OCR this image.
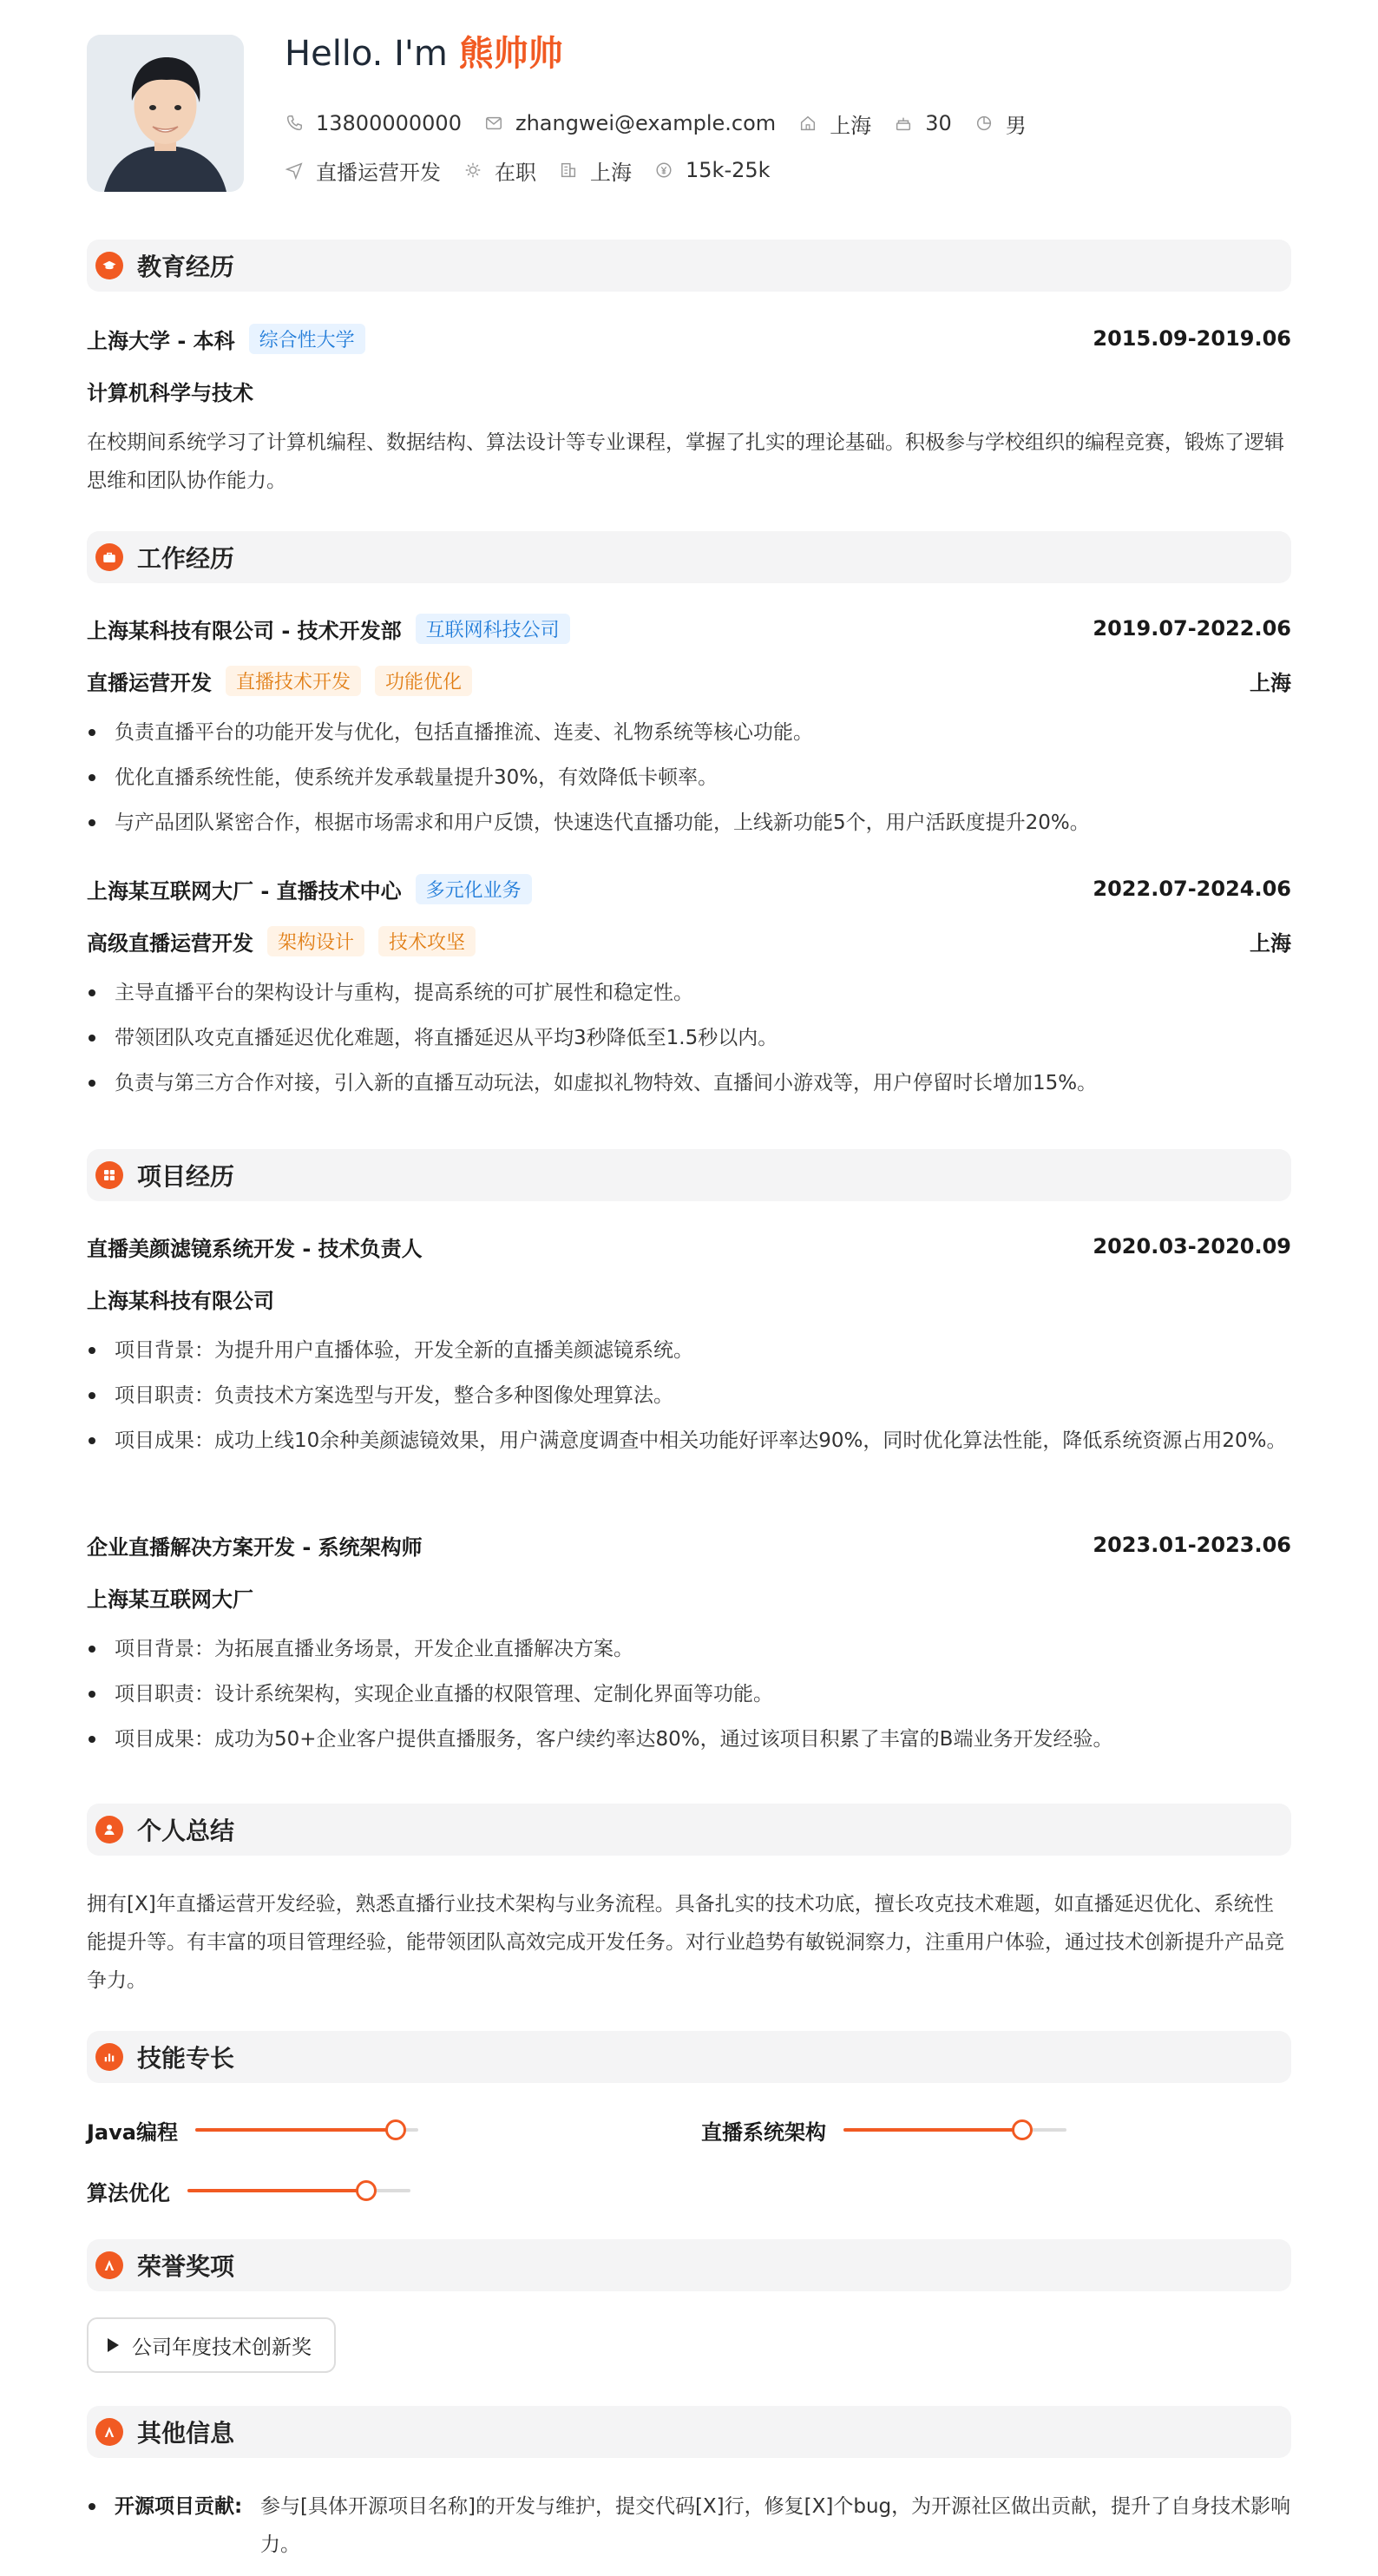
Hello. I'm 熊帅帅
13800000000	zhangwei@example.com	上海	30	男
直播运营开发	在职	上海	15k-25k
教育经历
上海大学 - 本科	综合性大学	2015.09-2019.06
计算机科学与技术
在校期间系统学习了计算机编程、数据结构、算法设计等专业课程，掌握了扎实的理论基础。积极参与学校组织的编程竞赛，锻炼了逻辑思维和团队协作能力。
工作经历
上海某科技有限公司 - 技术开发部	互联网科技公司	2019.07-2022.06
直播运营开发	直播技术开发	功能优化	上海
负责直播平台的功能开发与优化，包括直播推流、连麦、礼物系统等核心功能。
优化直播系统性能，使系统并发承载量提升30%，有效降低卡顿率。
与产品团队紧密合作，根据市场需求和用户反馈，快速迭代直播功能，上线新功能5个，用户活跃度提升20%。
上海某互联网大厂 - 直播技术中心	多元化业务	2022.07-2024.06
高级直播运营开发	架构设计	技术攻坚	上海
主导直播平台的架构设计与重构，提高系统的可扩展性和稳定性。
带领团队攻克直播延迟优化难题，将直播延迟从平均3秒降低至1.5秒以内。
负责与第三方合作对接，引入新的直播互动玩法，如虚拟礼物特效、直播间小游戏等，用户停留时长增加15%。
项目经历
直播美颜滤镜系统开发 - 技术负责人	2020.03-2020.09
上海某科技有限公司
项目背景：为提升用户直播体验，开发全新的直播美颜滤镜系统。
项目职责：负责技术方案选型与开发，整合多种图像处理算法。
项目成果：成功上线10余种美颜滤镜效果，用户满意度调查中相关功能好评率达90%，同时优化算法性能，降低系统资源占用20%。
企业直播解决方案开发 - 系统架构师	2023.01-2023.06
上海某互联网大厂
项目背景：为拓展直播业务场景，开发企业直播解决方案。
项目职责：设计系统架构，实现企业直播的权限管理、定制化界面等功能。
项目成果：成功为50+企业客户提供直播服务，客户续约率达80%，通过该项目积累了丰富的B端业务开发经验。
个人总结
拥有[X]年直播运营开发经验，熟悉直播行业技术架构与业务流程。具备扎实的技术功底，擅长攻克技术难题，如直播延迟优化、系统性能提升等。有丰富的项目管理经验，能带领团队高效完成开发任务。对行业趋势有敏锐洞察力，注重用户体验，通过技术创新提升产品竞争力。
技能专长
Java编程	直播系统架构
算法优化
荣誉奖项
公司年度技术创新奖
其他信息
开源项目贡献: 参与[具体开源项目名称]的开发与维护，提交代码[X]行，修复[X]个bug，为开源社区做出贡献，提升了自身技术影响力。
